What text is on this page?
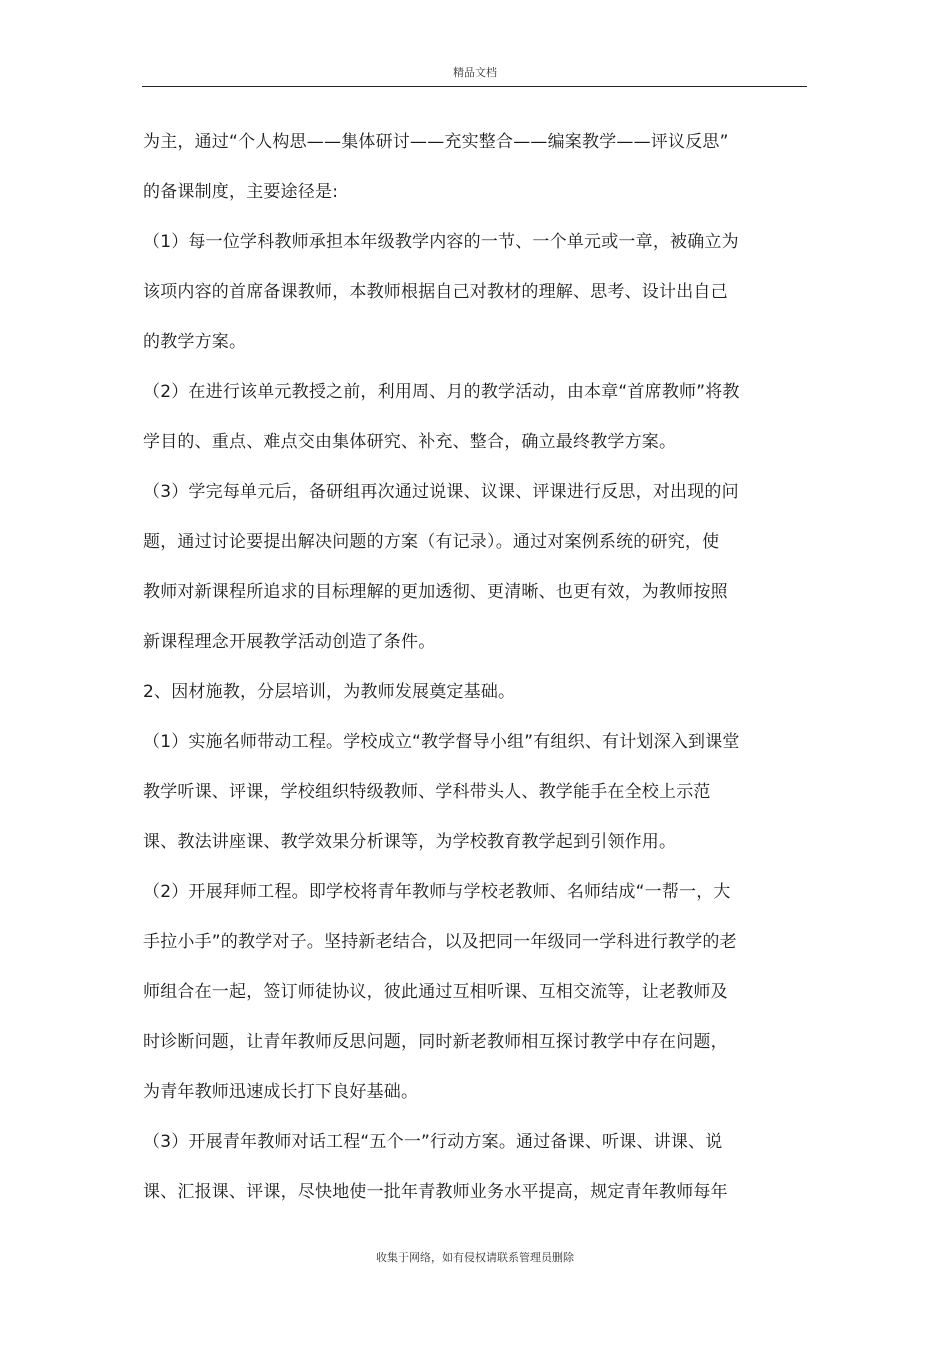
精品文档
为主，通过“个人构思——集体研讨——充实整合——编案教学——评议反思”
的备课制度，主要途径是:
（1）每一位学科教师承担本年级教学内容的一节、一个单元或一章，被确立为
该项内容的首席备课教师，本教师根据自己对教材的理解、思考、设计出自己
的教学方案。
（2）在进行该单元教授之前，利用周、月的教学活动，由本章“首席教师”将教
学目的、重点、难点交由集体研究、补充、整合，确立最终教学方案。
（3）学完每单元后，备研组再次通过说课、议课、评课进行反思，对出现的问
题，通过讨论要提出解决问题的方案（有记录）。通过对案例系统的研究，使
教师对新课程所追求的目标理解的更加透彻、更清晰、也更有效，为教师按照
新课程理念开展教学活动创造了条件。
2、因材施教，分层培训，为教师发展奠定基础。
（1）实施名师带动工程。学校成立“教学督导小组”有组织、有计划深入到课堂
教学听课、评课，学校组织特级教师、学科带头人、教学能手在全校上示范
课、教法讲座课、教学效果分析课等，为学校教育教学起到引领作用。
（2）开展拜师工程。即学校将青年教师与学校老教师、名师结成“一帮一，大
手拉小手”的教学对子。坚持新老结合，以及把同一年级同一学科进行教学的老
师组合在一起，签订师徒协议，彼此通过互相听课、互相交流等，让老教师及
时诊断问题，让青年教师反思问题，同时新老教师相互探讨教学中存在问题，
为青年教师迅速成长打下良好基础。
（3）开展青年教师对话工程“五个一”行动方案。通过备课、听课、讲课、说
课、汇报课、评课，尽快地使一批年青教师业务水平提高，规定青年教师每年
收集于网络，如有侵权请联系管理员删除
